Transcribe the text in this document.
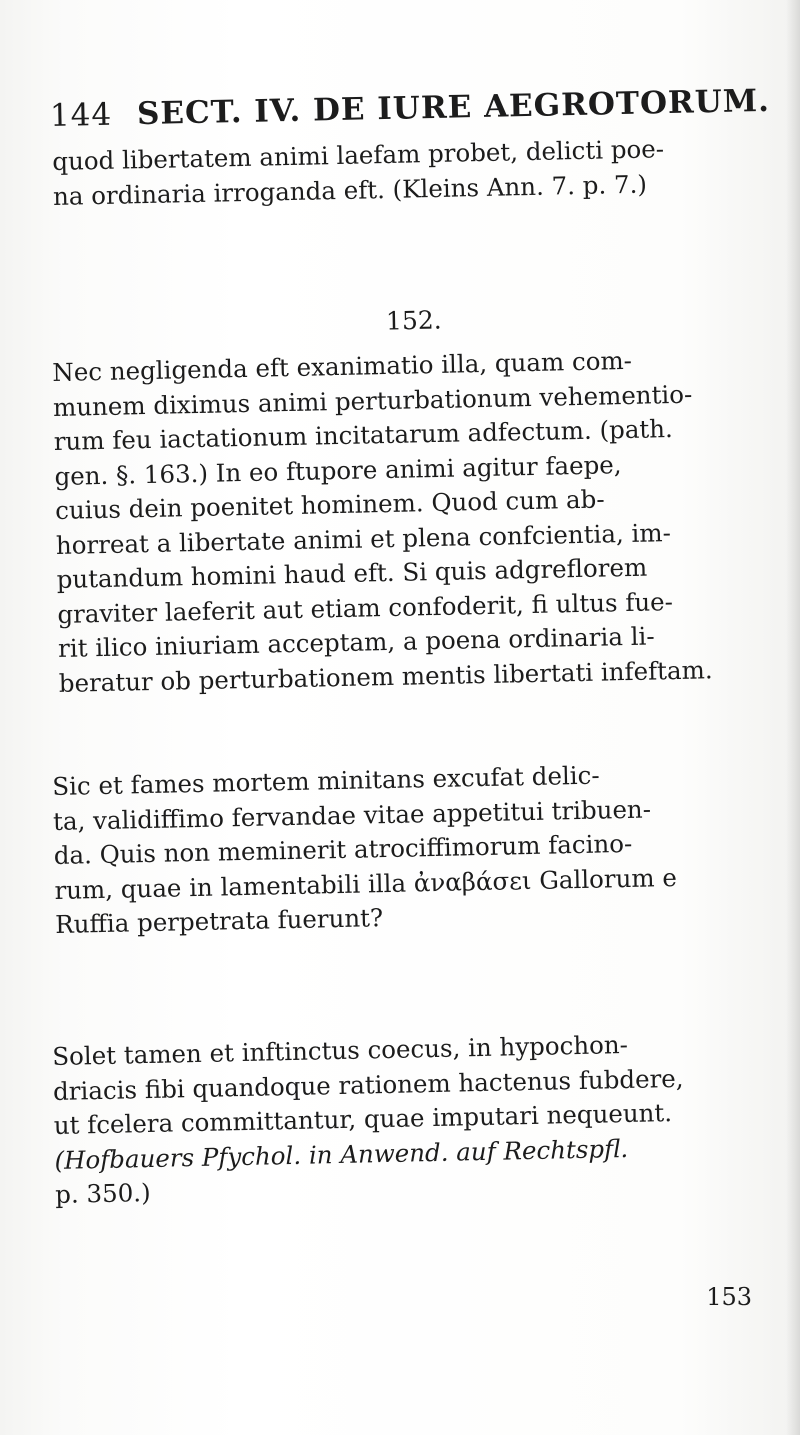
144 SECT. IV. DE IURE AEGROTORUM.
quod libertatem animi laefam probet, delicti poe-
na ordinaria irroganda eft. (Kleins Ann. 7. p. 7.)
152.
Nec negligenda eft exanimatio illa, quam com-
munem diximus animi perturbationum vehementio-
rum feu iactationum incitatarum adfectum. (path.
gen. §. 163.) In eo ftupore animi agitur faepe,
cuius dein poenitet hominem. Quod cum ab-
horreat a libertate animi et plena confcientia, im-
putandum homini haud eft. Si quis adgreflorem
graviter laeferit aut etiam confoderit, fi ultus fue-
rit ilico iniuriam acceptam, a poena ordinaria li-
beratur ob perturbationem mentis libertati infeftam.
Sic et fames mortem minitans excufat delic-
ta, validiffimo fervandae vitae appetitui tribuen-
da. Quis non meminerit atrociffimorum facino-
rum, quae in lamentabili illa ἀναβάσει Gallorum e
Ruffia perpetrata fuerunt?
Solet tamen et inftinctus coecus, in hypochon-
driacis fibi quandoque rationem hactenus fubdere,
ut fcelera committantur, quae imputari nequeunt.
(Hofbauers Pfychol. in Anwend. auf Rechtspfl.
p. 350.)
153
